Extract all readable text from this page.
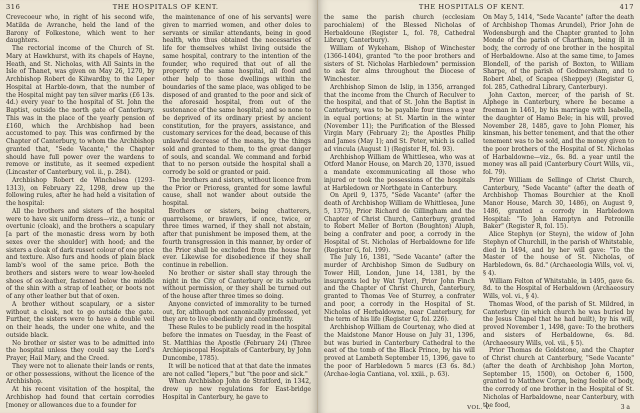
316	THE HOSPITALS OF KENT.

Crevecoeur who, in right of his second wife, Matilda de Avranche, held the land of the Barony of Folkestone, which went to her daughters.

The rectorial income of the Church of St. Mary at Hawkhurst, with its chapels of Hayne, Heath, and St. Nicholas, with All Saints in the Isle of Thanet, was given on May 26, 1270, by Archbishop Robert de Kilwardby, to the Leper Hospital at Harble-down, that the number of the Hospital might pay ten silver marks (£6 13s. 4d.) every year to the hospital of St. John the Baptist, outside the north gate of Canterbury. This was in the place of the yearly pension of £160, which the Archbishop had been accustomed to pay. This was confirmed by the Chapter of Canterbury, to whom the Archbishop granted that, "Sede Vacante," the Chapter should have full power over the wardens to remove or institute, as it seemed expedient (Lincaster of Canterbury, vol. ii., p. 284).

Archbishop Robert de Winchelsea (1293-1313), on February 22, 1298, drew up the following rules, after he had held a visitation of the hospital:

All the brothers and sisters of the hospital were to have six uniform dress—viz., a tunic or overtunic (cloak), and the brothers a scapulary [a part of the monastic dress worn by both sexes over the shoulder] with hood; and the sisters a cloak of dark russet colour of one price and texture. Also furs and hoods of plain black lamb's wool of the same price. Both the brothers and sisters were to wear low-heeled shoes of ox-leather, fastened below the middle of the shin with a strap of leather, or boots not of any other leather but that of oxen.

A brother without scapulary, or a sister without a cloak, not to go outside the gate. Further, the sisters were to have a double veil on their heads, the under one white, and the outside black.

No brother or sister was to be admitted into the hospital unless they could say the Lord's Prayer, Hail Mary, and the Creed.

They were not to alienate their lands or rents, or other possessions, without the licence of the Archbishop.

At his recent visitation of the hospital, the Archbishop had found that certain corrodies [money or allowances due to a founder for

the maintenance of one of his servants] were given to married women, and other doles to servants or similar attendants, being in good health, who thus obtained the necessaries of life for themselves whilst living outside the same hospital, contrary to the intention of the founder, who required that out of all the property of the same hospital, all food and other help to those dwellings within the boundaries of the same place, was obliged to be disposed of and granted to the poor and sick of the aforesaid hospital, from out of the sustenance of the same hospital; and so none to be deprived of its ordinary priest by ancient constitution, for the prayers, assistance, and customary services for the dead, because of this unlawful decrease of the means, by the things sold and granted to them, to the great danger of souls, and scandal. We command and forbid that to no person outside the hospital shall a corrody be sold or granted or paid.

The brothers and sisters, without licence from the Prior or Prioress, granted for some lawful cause, shall not wander about outside the hospital.

Brothers or sisters, being chatterers, quarrelsome, or brawlers, if once, twice, or three times warned, if they shall not abstain, after that punishment be imposed them, at the fourth transgression in this manner, by order of the Prior shall be excluded from the house for ever. Likewise for disobedience if they shall continue in rebellion.

No brother or sister shall stay through the night in the City of Canterbury or its suburbs without permission, or they shall be turned out of the house after three times so doing.

Anyone convicted of immorality to be turned out, for, although not canonically professed, yet they are to live obediently and continently.

These Rules to be publicly read in the hospital before the inmates on Tuesday, in the Feast of St. Matthias the Apostle (February 24) (Three Archiepiscopal Hospitals of Canterbury, by John Duncombe, 1785).

It will be noticed that at that date the inmates are not called "lepers," but "the poor and sick."

When Archbishop John de Stratford, in 1342, drew up new regulations for East-bridge Hospital in Canterbury, he gave to

THE HOSPITALS OF KENT.	417

the same the parish church (ecclesiam parochialem) of the Blessed Nicholas of Herbaldoune (Register L, fol. 78, Cathedral Library, Canterbury).

William of Wykeham, Bishop of Winchester (1366-1404), granted "to the poor brothers and sisters of St. Nicholas Harbledown" permission to ask for alms throughout the Diocese of Winchester.

Archbishop Simon de Islip, in 1356, arranged that the income from the Church of Reculver to the hospital, and that of St. John the Baptist in Canterbury, was to be payable four times a year in equal portions; at St. Martin in the winter (November 11); the Purification of the Blessed Virgin Mary (February 2); the Apostles Philip and James (May 1); and St. Peter, which is called ad vincula (August 1) (Register H, fol. 93).

Archbishop William de Whittlesea, who was at Otford Manor House, on March 20, 1370, issued a mandate excommunicating all those who injured or took the possessions of the hospitals at Harbledown or Northgate in Canterbury.

On April 9, 1375, "Sede Vacante" (after the death of Archbishop William de Whittlesea, June 5, 1375), Prior Richard de Gillingham and the Chapter of Christ Church, Canterbury, granted to Robert Meller of Borton (Boughton) Aluph, being a confrater and poor, a corrody in the Hospital of St. Nicholas of Herbaldowne for life (Register G, fol. 199).

The July 16, 1381, "Sede Vacante" (after the murder of Archbishop Simon de Sudbury on Tower Hill, London, June 14, 1381, by the insurgents led by Wat Tyler), Prior John Finch and the Chapter of Christ Church, Canterbury, granted to Thomas Vee of Sturrey, a confrater and poor, a corrody in the Hospital of St. Nicholas of Herbaldowne, near Canterbury, for the term of his life (Register G, fol. 226).

Archbishop William de Courtenay, who died at the Maidstone Manor House on July 31, 1396, but was buried in Canterbury Cathedral to the east of the tomb of the Black Prince, by his will proved at Lambeth September 15, 1396, gave to the poor of Harbledown 5 marcs (£3 6s. 8d.) (Archae-logia Cantiana, vol. xxiii., p. 63).

On May 5, 1414, "Sede Vacante" (after the death of Archbishop Thomas Arundel), Prior John de Wodensburgh and the Chapter granted to John Monde of the parish of Chartham, being ill in body, the corrody of one brother in the hospital of Herbaldowne. Also at the same time, to James Blondell, of the parish of Boxton, to William Sharpe, of the parish of Godmersham, and to Robert Abel, of Scapea (Sheppey) (Register G, fol. 285, Cathedral Library, Canterbury).

John Caxton, mercer, of the parish of St. Alphege in Canterbury, where he became a freeman in 1461, by his marriage with Isabella, the daughter of Hamo Bele; in his will, proved November 28, 1485, gave to John Plomer, his kinsman, his better tenement, and that the other tenement was to be sold, and the money given to the poor brothers of the Hospital of St. Nicholas of Harbaldowne—viz., 6s. 8d. a year until the money was all paid (Canterbury Court Wills, vii., fol. 79).

Prior William de Sellinge of Christ Church, Canterbury, "Sede Vacante" (after the death of Archbishop Thomas Bourchier at the Knoll Manor House, March 30, 1486), on August 9, 1486, granted a corrody in Harbledown Hospital: "To John Hamptyn and Petronille Baker" (Register R, fol. 15).

Alice Stephyn (or Steyn), the widow of John Stephyn of Churchill, in the parish of Whitstable, died in 1494, and by her will gave: "To the Master of the house of St. Nicholas, of Harbledown, 6s. 8d." (Archaeologia Wills, vol. vi, § 4).

William Felton of Whitstable, in 1495, gave 6s. 8d. to the Hospital of Herbaldown (Archaeosury Wills, vol. vi., § 4).

Thomas Wood, of the parish of St. Mildred, in Canterbury (in which church he was buried by the Jesus Chapel that he had built), by his will, proved November 1, 1498, gave: To the brothers and sisters of Herbaldowne, 6s. 8d. (Archaeosury Wills, vol. vii., § 5).

Prior Thomas de Goldstone, and the Chapter of Christ church at Canterbury, "Sede Vacante" (after the death of Archbishop John Morton, September 15, 1500), on October 6, 1500, granted to Matthew Corpn, being feeble of body, the corrody of one brother in the Hospital of St. Nicholas of Harbaldowne, near Canterbury, with the food,

VOL. V.	3 a
